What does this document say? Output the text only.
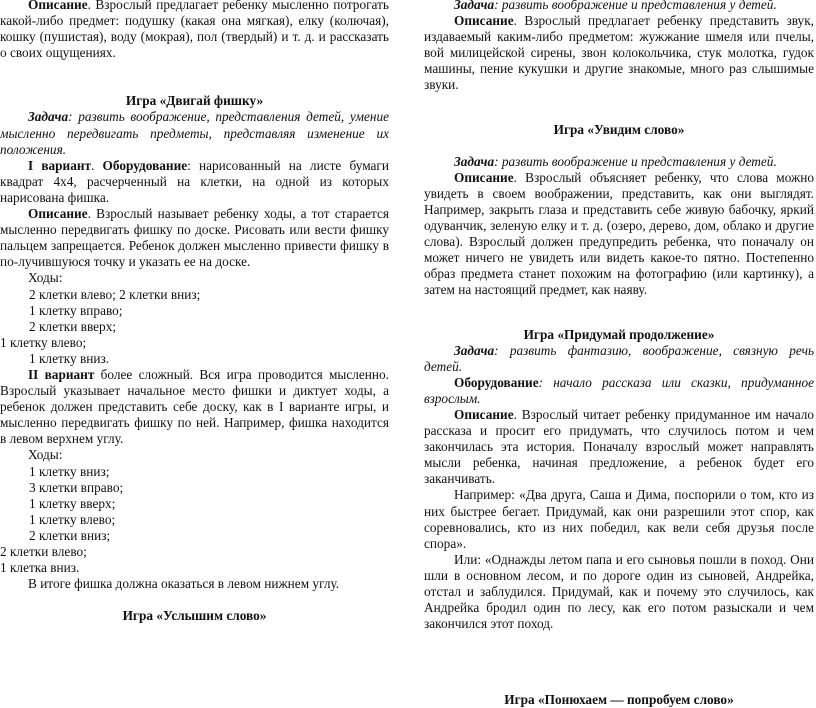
Описание. Взрослый предлагает ребенку мысленно потрогать какой-либо предмет: подушку (какая она мягкая), елку (колючая), кошку (пушистая), воду (мокрая), пол (твердый) и т. д. и рассказать о своих ощущениях.

Игра «Двигай фишку»

Задача: развить воображение, представления детей, умение мысленно передвигать предметы, представляя изменение их положения.

I вариант. Оборудование: нарисованный на листе бумаги квадрат 4х4, расчерченный на клетки, на одной из которых нарисована фишка.

Описание. Взрослый называет ребенку ходы, а тот старается мысленно передвигать фишку по доске. Рисовать или вести фишку пальцем запрещается. Ребенок должен мысленно привести фишку в по-лучившуюся точку и указать ее на доске.

Ходы:

2 клетки влево; 2 клетки вниз;

1 клетку вправо;

2 клетки вверх;

1 клетку влево;

1 клетку вниз.

II вариант более сложный. Вся игра проводится мысленно. Взрослый указывает начальное место фишки и диктует ходы, а ребенок должен представить себе доску, как в I варианте игры, и мысленно передвигать фишку по ней. Например, фишка находится в левом верхнем углу.

Ходы:

1 клетку вниз;

3 клетки вправо;

1 клетку вверх;

1 клетку влево;

2 клетки вниз;

2 клетки влево;

1 клетка вниз.

В итоге фишка должна оказаться в левом нижнем углу.

Игра «Услышим слово»

Задача: развить воображение и представления у детей.

Описание. Взрослый предлагает ребенку представить звук, издаваемый каким-либо предметом: жужжание шмеля или пчелы, вой милицейской сирены, звон колокольчика, стук молотка, гудок машины, пение кукушки и другие знакомые, много раз слышимые звуки.

Игра «Увидим слово»

Задача: развить воображение и представления у детей.

Описание. Взрослый объясняет ребенку, что слова можно увидеть в своем воображении, представить, как они выглядят. Например, закрыть глаза и представить себе живую бабочку, яркий одуванчик, зеленую елку и т. д. (озеро, дерево, дом, облако и другие слова). Взрослый должен предупредить ребенка, что поначалу он может ничего не увидеть или видеть какое-то пятно. Постепенно образ предмета станет похожим на фотографию (или картинку), а затем на настоящий предмет, как наяву.

Игра «Придумай продолжение»

Задача: развить фантазию, воображение, связную речь детей.

Оборудование: начало рассказа или сказки, придуманное взрослым.

Описание. Взрослый читает ребенку придуманное им начало рассказа и просит его придумать, что случилось потом и чем закончилась эта история. Поначалу взрослый может направлять мысли ребенка, начиная предложение, а ребенок будет его заканчивать.

Например: «Два друга, Саша и Дима, поспорили о том, кто из них быстрее бегает. Придумай, как они разрешили этот спор, как соревновались, кто из них победил, как вели себя друзья после спора».

Или: «Однажды летом папа и его сыновья пошли в поход. Они шли в основном лесом, и по дороге один из сыновей, Андрейка, отстал и заблудился. Придумай, как и почему это случилось, как Андрейка бродил один по лесу, как его потом разыскали и чем закончился этот поход.

Игра «Понюхаем — попробуем слово»
